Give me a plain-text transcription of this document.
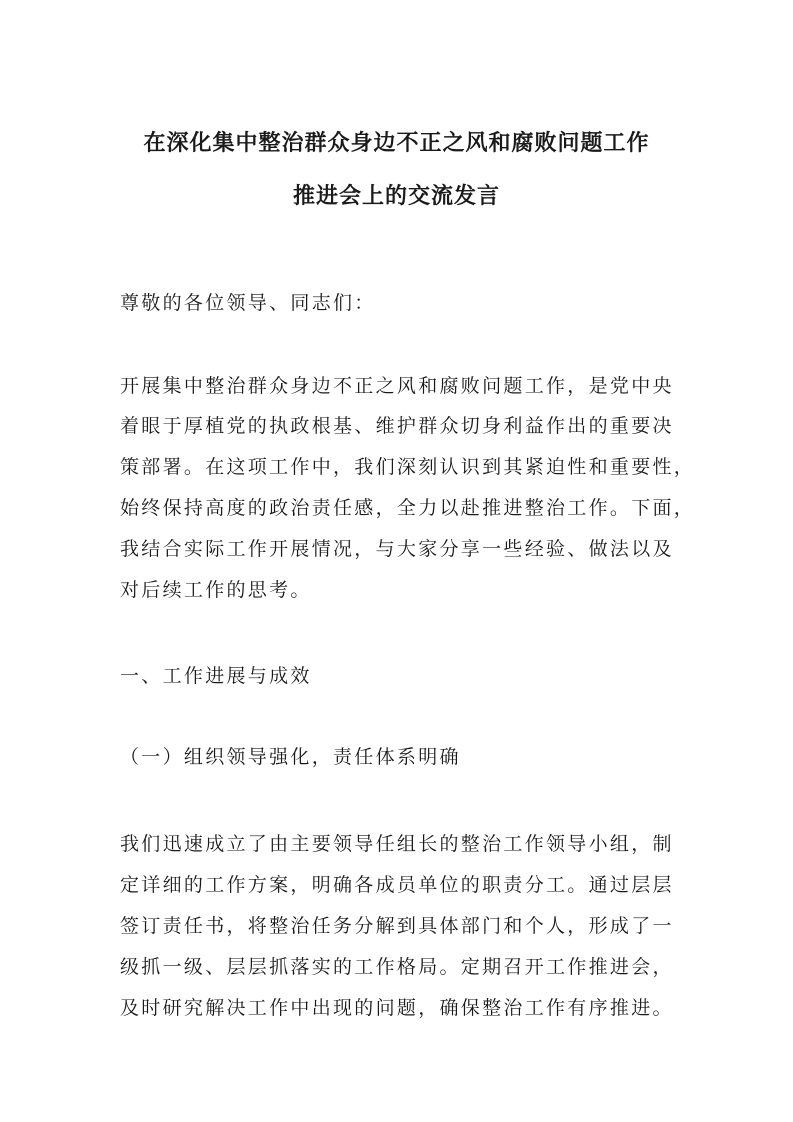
在深化集中整治群众身边不正之风和腐败问题工作
推进会上的交流发言
尊敬的各位领导、同志们：
开展集中整治群众身边不正之风和腐败问题工作，是党中央
着眼于厚植党的执政根基、维护群众切身利益作出的重要决
策部署。在这项工作中，我们深刻认识到其紧迫性和重要性，
始终保持高度的政治责任感，全力以赴推进整治工作。下面，
我结合实际工作开展情况，与大家分享一些经验、做法以及
对后续工作的思考。
一、工作进展与成效
（一）组织领导强化，责任体系明确
我们迅速成立了由主要领导任组长的整治工作领导小组，制
定详细的工作方案，明确各成员单位的职责分工。通过层层
签订责任书，将整治任务分解到具体部门和个人，形成了一
级抓一级、层层抓落实的工作格局。定期召开工作推进会，
及时研究解决工作中出现的问题，确保整治工作有序推进。
